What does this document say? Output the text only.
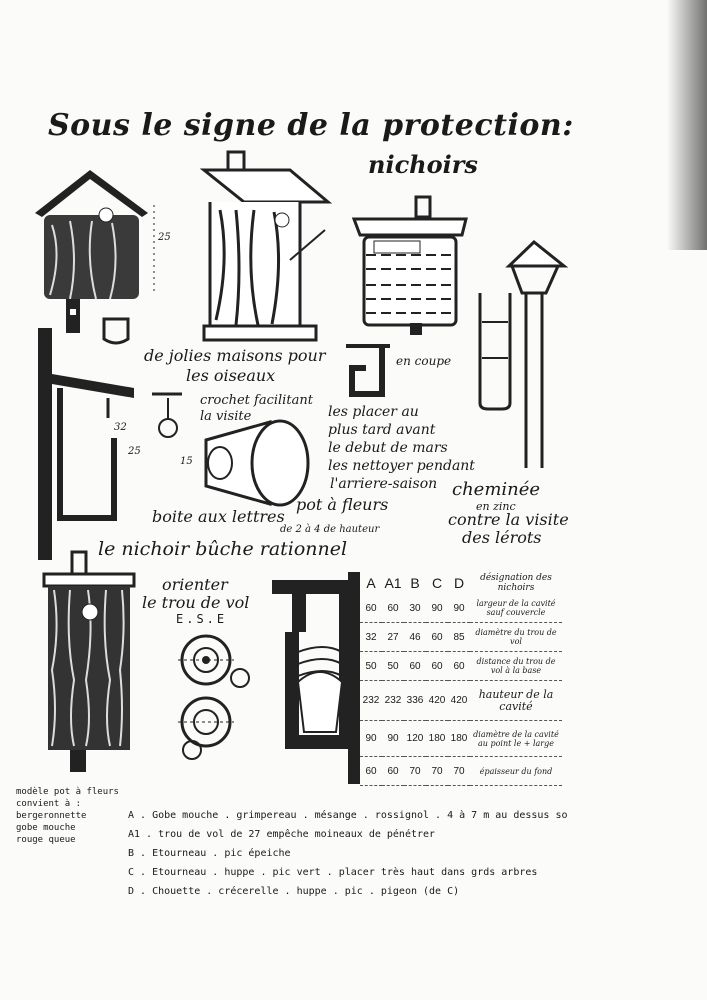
Sous le signe de la protection:
nichoirs
25
32
25
15
de jolies maisons pour
les oiseaux
en coupe
crochet facilitant
la visite	les placer au
plus tard avant
le debut de mars
les nettoyer pendant
l'arriere-saison
pot à fleurs
de 2 à 4 de hauteur
boite aux lettres
cheminée
en zinc
contre la visite
des lérots
le nichoir bûche rationnel
orienter
le trou de vol
E.S.E
A	A1	B	C	D	désignation des nichoirs
60	60	30	90	90	largeur de la cavité sauf couvercle
32	27	46	60	85	diamètre du trou de vol
50	50	60	60	60	distance du trou de vol à la base
232	232	336	420	420	hauteur de la cavité
90	90	120	180	180	diamètre de la cavité au point le + large
60	60	70	70	70	épaisseur du fond
modèle pot à fleurs
convient à :
bergeronnette
gobe mouche
rouge queue
A . Gobe mouche . grimpereau . mésange . rossignol . 4 à 7 m au dessus so
A1 . trou de vol de 27 empêche moineaux de pénétrer
B . Etourneau . pic épeiche
C . Etourneau . huppe . pic vert . placer très haut dans grds arbres
D . Chouette . crécerelle . huppe . pic . pigeon (de C)
